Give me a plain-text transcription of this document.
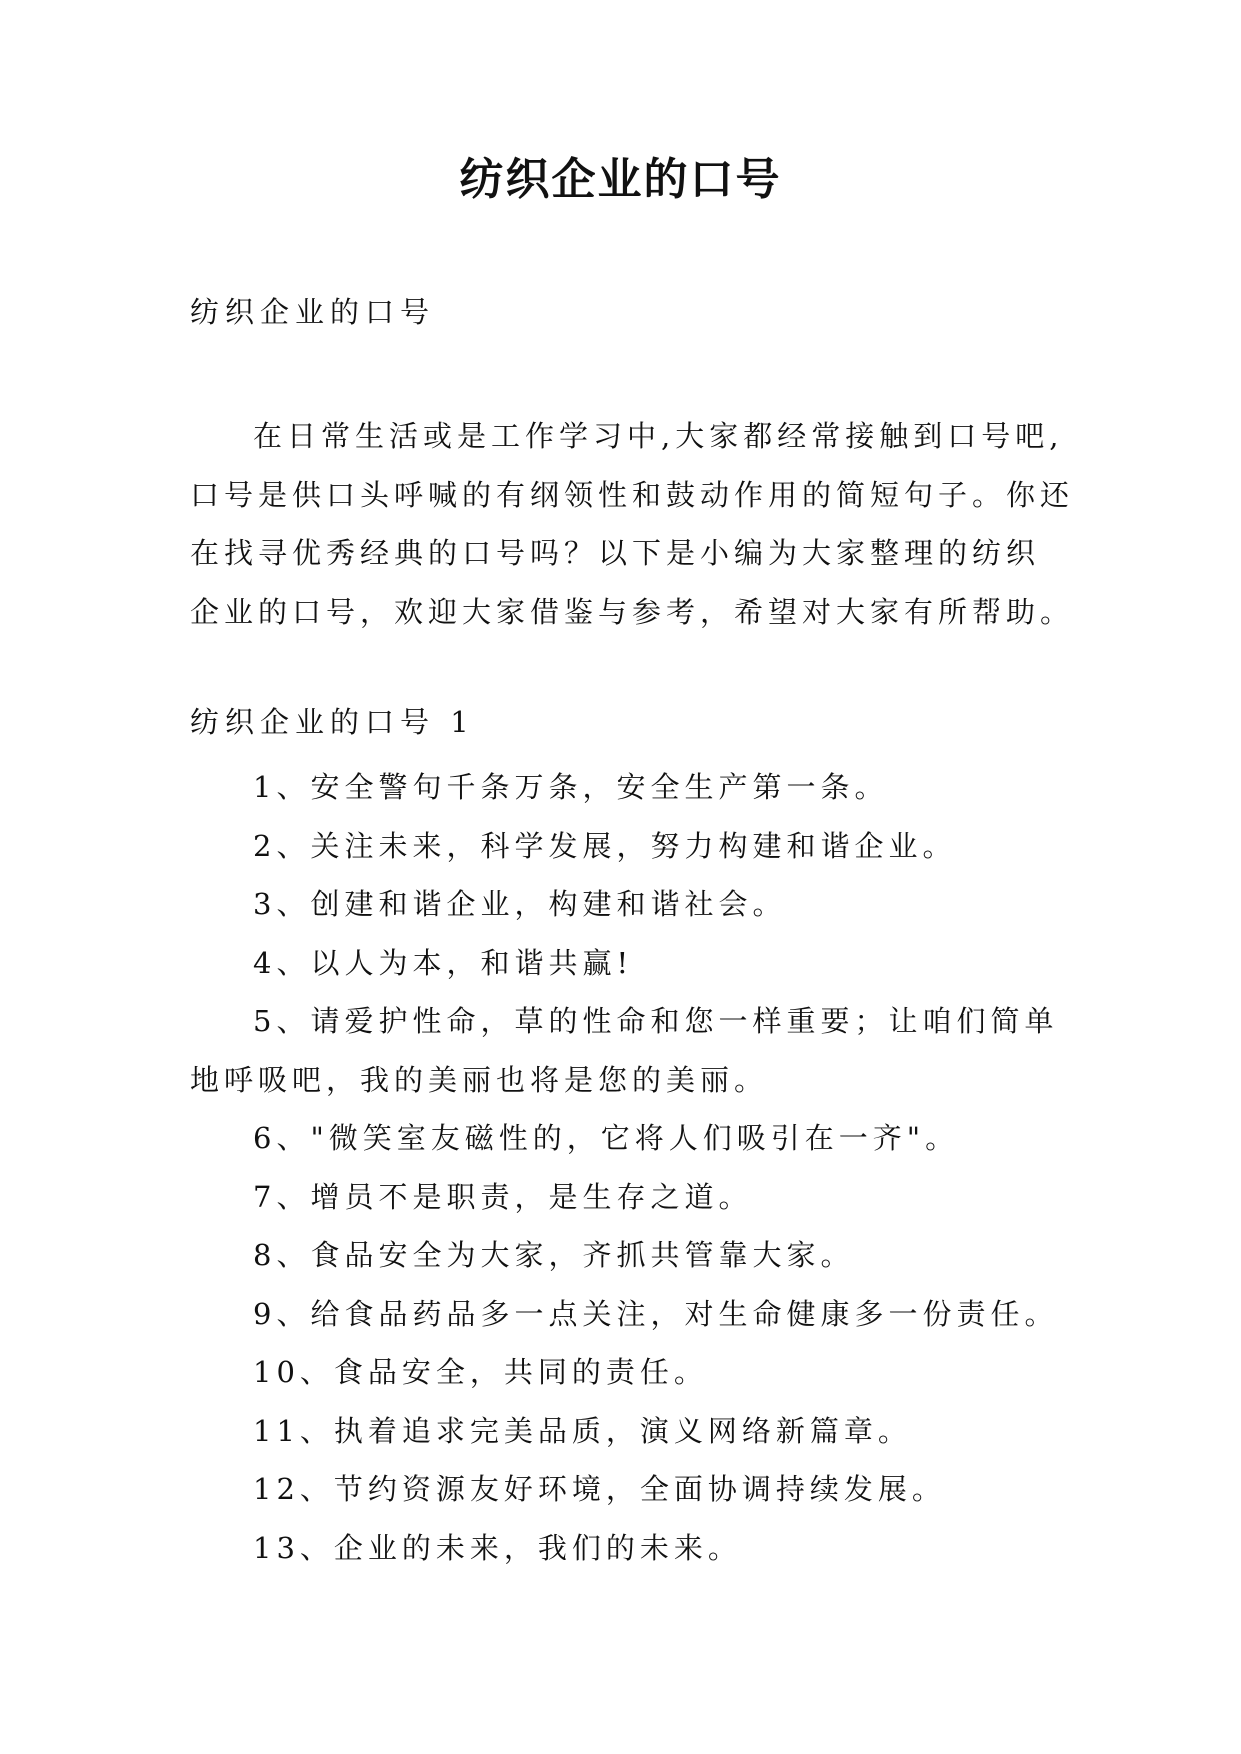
纺织企业的口号
纺织企业的口号
在日常生活或是工作学习中,大家都经常接触到口号吧,
口号是供口头呼喊的有纲领性和鼓动作用的简短句子。你还
在找寻优秀经典的口号吗？以下是小编为大家整理的纺织
企业的口号，欢迎大家借鉴与参考，希望对大家有所帮助。
纺织企业的口号 1
1、安全警句千条万条，安全生产第一条。
2、关注未来，科学发展，努力构建和谐企业。
3、创建和谐企业，构建和谐社会。
4、以人为本，和谐共赢!
5、请爱护性命，草的性命和您一样重要；让咱们简单
地呼吸吧，我的美丽也将是您的美丽。
6、"微笑室友磁性的，它将人们吸引在一齐"。
7、增员不是职责，是生存之道。
8、食品安全为大家，齐抓共管靠大家。
9、给食品药品多一点关注，对生命健康多一份责任。
10、食品安全，共同的责任。
11、执着追求完美品质，演义网络新篇章。
12、节约资源友好环境，全面协调持续发展。
13、企业的未来，我们的未来。
